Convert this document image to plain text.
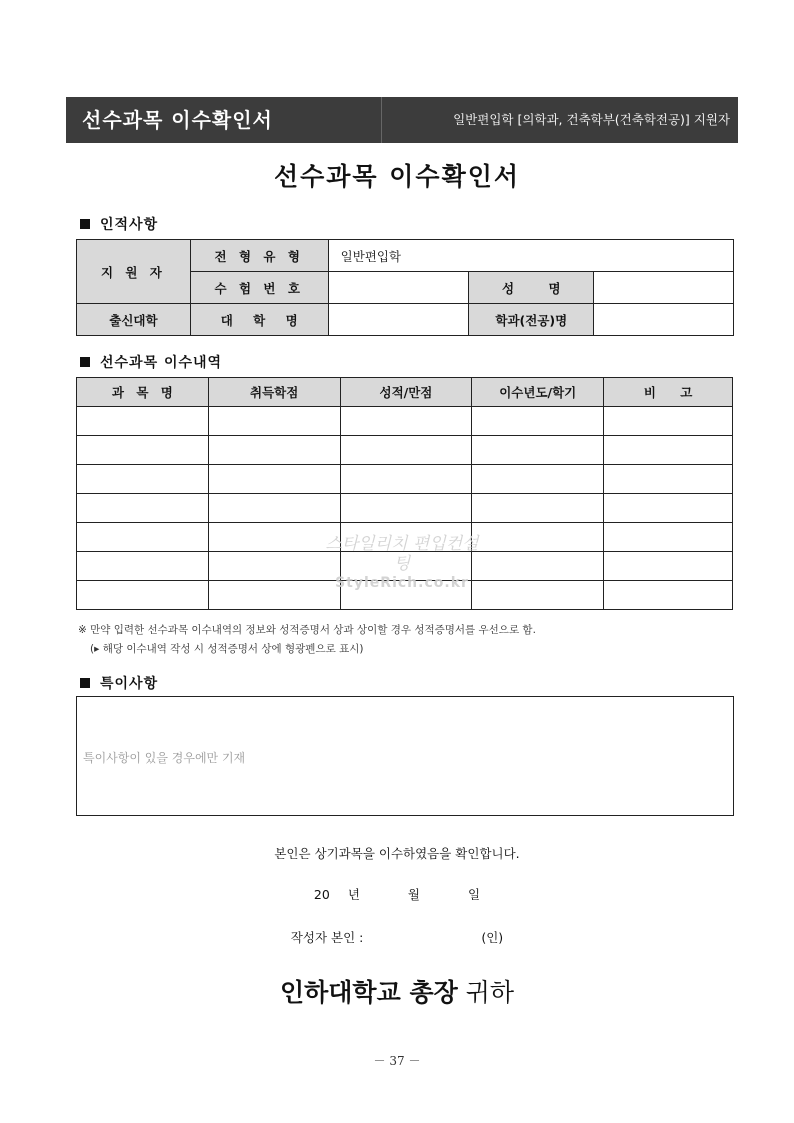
선수과목 이수확인서	일반편입학 [의학과, 건축학부(건축학전공)] 지원자
선수과목 이수확인서
인적사항
지 원 자	전 형 유 형	일반편입학		
	수 험 번 호		성 명	
출신대학	대 학 명		학과(전공)명	
선수과목 이수내역
과 목 명	취득학점	성적/만점	이수년도/학기	비 고

스타일리치 편입컨설팅
StyleRich.co.kr
※ 만약 입력한 선수과목 이수내역의 정보와 성적증명서 상과 상이할 경우 성적증명서를 우선으로 함.
(▸ 해당 이수내역 작성 시 성적증명서 상에 형광펜으로 표시)
특이사항
특이사항이 있을 경우에만 기재
본인은 상기과목을 이수하였음을 확인합니다.
20 년	월	일
작성자 본인 :	(인)
인하대학교 총장 귀하
－ 37 －
